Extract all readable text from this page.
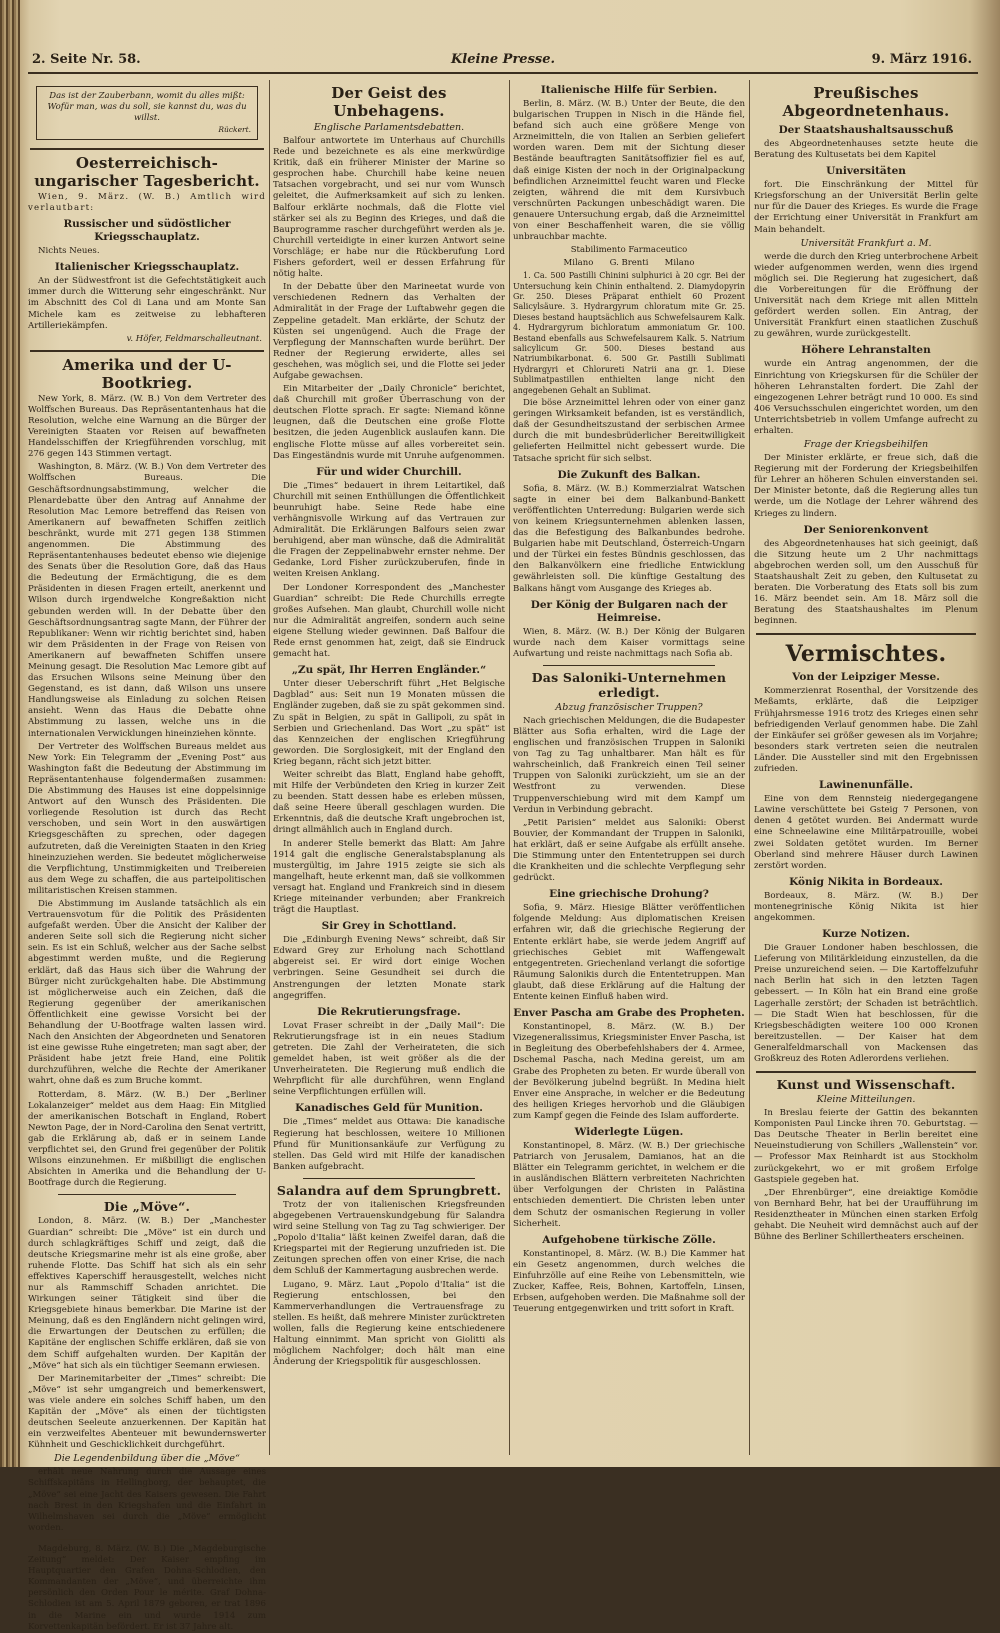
2. Seite Nr. 58.	Kleine Presse.	9. März 1916.
Das ist der Zauberbann, womit du alles mißt:
Wofür man, was du soll, sie kannst du, was du willst.
Rückert.
Oesterreichisch-ungarischer Tagesbericht.

Wien, 9. März. (W. B.) Amtlich wird verlautbart:

Russischer und südöstlicher Kriegsschauplatz.

Nichts Neues.

Italienischer Kriegsschauplatz.

An der Südwestfront ist die Gefechtstätigkeit auch immer durch die Witterung sehr eingeschränkt. Nur im Abschnitt des Col di Lana und am Monte San Michele kam es zeitweise zu lebhafteren Artilleriekämpfen.

v. Höfer, Feldmarschalleutnant.
Amerika und der U-Bootkrieg.

New York, 8. März. (W. B.) Von dem Vertreter des Wolffschen Bureaus. Das Repräsentantenhaus hat die Resolution, welche eine Warnung an die Bürger der Vereinigten Staaten vor Reisen auf bewaffneten Handelsschiffen der Kriegführenden vorschlug, mit 276 gegen 143 Stimmen vertagt.

Washington, 8. März. (W. B.) Von dem Vertreter des Wolffschen Bureaus. Die Geschäftsordnungsabstimmung, welcher die Plenardebatte über den Antrag auf Annahme der Resolution Mac Lemore betreffend das Reisen von Amerikanern auf bewaffneten Schiffen zeitlich beschränkt, wurde mit 271 gegen 138 Stimmen angenommen. Die Abstimmung des Repräsentantenhauses bedeutet ebenso wie diejenige des Senats über die Resolution Gore, daß das Haus die Bedeutung der Ermächtigung, die es dem Präsidenten in diesen Fragen erteilt, anerkennt und Wilson durch irgendwelche Kongreßaktion nicht gebunden werden will. In der Debatte über den Geschäftsordnungsantrag sagte Mann, der Führer der Republikaner: Wenn wir richtig berichtet sind, haben wir dem Präsidenten in der Frage von Reisen von Amerikanern auf bewaffneten Schiffen unsere Meinung gesagt. Die Resolution Mac Lemore gibt auf das Ersuchen Wilsons seine Meinung über den Gegenstand, es ist dann, daß Wilson uns unsere Handlungsweise als Einladung zu solchen Reisen ansieht. Wenn das Haus die Debatte ohne Abstimmung zu lassen, welche uns in die internationalen Verwicklungen hineinziehen könnte.

Der Vertreter des Wolffschen Bureaus meldet aus New York: Ein Telegramm der „Evening Post“ aus Washington faßt die Bedeutung der Abstimmung im Repräsentantenhause folgendermaßen zusammen: Die Abstimmung des Hauses ist eine doppelsinnige Antwort auf den Wunsch des Präsidenten. Die vorliegende Resolution ist durch das Recht verschoben, und sein Wort in den auswärtigen Kriegsgeschäften zu sprechen, oder dagegen aufzutreten, daß die Vereinigten Staaten in den Krieg hineinzuziehen werden. Sie bedeutet möglicherweise die Verpflichtung, Unstimmigkeiten und Treibereien aus dem Wege zu schaffen, die aus parteipolitischen militaristischen Kreisen stammen.

Die Abstimmung im Auslande tatsächlich als ein Vertrauensvotum für die Politik des Präsidenten aufgefaßt werden. Über die Ansicht der Kaliber der anderen Seite soll sich die Regierung nicht sicher sein. Es ist ein Schluß, welcher aus der Sache selbst abgestimmt werden mußte, und die Regierung erklärt, daß das Haus sich über die Wahrung der Bürger nicht zurückgehalten habe. Die Abstimmung ist möglicherweise auch ein Zeichen, daß die Regierung gegenüber der amerikanischen Öffentlichkeit eine gewisse Vorsicht bei der Behandlung der U-Bootfrage walten lassen wird. Nach den Ansichten der Abgeordneten und Senatoren ist eine gewisse Ruhe eingetreten; man sagt aber, der Präsident habe jetzt freie Hand, eine Politik durchzuführen, welche die Rechte der Amerikaner wahrt, ohne daß es zum Bruche kommt.

Rotterdam, 8. März. (W. B.) Der „Berliner Lokalanzeiger“ meldet aus dem Haag: Ein Mitglied der amerikanischen Botschaft in England, Robert Newton Page, der in Nord-Carolina den Senat vertritt, gab die Erklärung ab, daß er in seinem Lande verpflichtet sei, den Grund frei gegenüber der Politik Wilsons einzunehmen. Er mißbilligt die englischen Absichten in Amerika und die Behandlung der U-Bootfrage durch die Regierung.

Die „Möve“.

London, 8. März. (W. B.) Der „Manchester Guardian“ schreibt: Die „Möve“ ist ein durch und durch schlagkräftiges Schiff und zeigt, daß die deutsche Kriegsmarine mehr ist als eine große, aber ruhende Flotte. Das Schiff hat sich als ein sehr effektives Kaperschiff herausgestellt, welches nicht nur als Rammschiff Schaden anrichtet. Die Wirkungen seiner Tätigkeit sind über die Kriegsgebiete hinaus bemerkbar. Die Marine ist der Meinung, daß es den Engländern nicht gelingen wird, die Erwartungen der Deutschen zu erfüllen; die Kapitäne der englischen Schiffe erklären, daß sie von dem Schiff aufgehalten wurden. Der Kapitän der „Möve“ hat sich als ein tüchtiger Seemann erwiesen.

Der Marinemitarbeiter der „Times“ schreibt: Die „Möve“ ist sehr umgangreich und bemerkenswert, was viele andere ein solches Schiff haben, um den Kapitän der „Möve“ als einen der tüchtigsten deutschen Seeleute anzuerkennen. Der Kapitän hat ein verzweifeltes Abenteuer mit bewundernswerter Kühnheit und Geschicklichkeit durchgeführt.

Die Legendenbildung über die „Möve“

erhält neue Nahrung durch die Aussage eines Schiffskapitäns in Hellingborg, der behauptet, die „Möve“ sei eine Jacht des Kaisers gewesen. Die Fahrt nach Brest in den Kriegshafen und die Einfahrt in Wilhelmshaven sei durch die „Möve“ ermöglicht worden.

Magdeburg, 8. März. (W. B.) Die „Magdeburgische Zeitung“ meldet: Der Kaiser empfing im Hauptquartier den Grafen Dohna-Schlodien, den Kommandanten der „Möve“, und überreichte ihm persönlich den Orden Pour le mérite. Graf Dohna-Schlodien ist am 5. April 1879 geboren, er trat 1896 in die Marine ein und wurde 1914 zum Korvettenkapitän befördert. Er ist 37 Jahre alt.

Der Geist des Unbehagens.
Englische Parlamentsdebatten.

Balfour antwortete im Unterhaus auf Churchills Rede und bezeichnete es als eine merkwürdige Kritik, daß ein früherer Minister der Marine so gesprochen habe. Churchill habe keine neuen Tatsachen vorgebracht, und sei nur vom Wunsch geleitet, die Aufmerksamkeit auf sich zu lenken. Balfour erklärte nochmals, daß die Flotte viel stärker sei als zu Beginn des Krieges, und daß die Bauprogramme rascher durchgeführt werden als je. Churchill verteidigte in einer kurzen Antwort seine Vorschläge; er habe nur die Rückberufung Lord Fishers gefordert, weil er dessen Erfahrung für nötig halte.

In der Debatte über den Marineetat wurde von verschiedenen Rednern das Verhalten der Admiralität in der Frage der Luftabwehr gegen die Zeppeline getadelt. Man erklärte, der Schutz der Küsten sei ungenügend. Auch die Frage der Verpflegung der Mannschaften wurde berührt. Der Redner der Regierung erwiderte, alles sei geschehen, was möglich sei, und die Flotte sei jeder Aufgabe gewachsen.

Ein Mitarbeiter der „Daily Chronicle“ berichtet, daß Churchill mit großer Überraschung von der deutschen Flotte sprach. Er sagte: Niemand könne leugnen, daß die Deutschen eine große Flotte besitzen, die jeden Augenblick auslaufen kann. Die englische Flotte müsse auf alles vorbereitet sein. Das Eingeständnis wurde mit Unruhe aufgenommen.

Für und wider Churchill.

Die „Times“ bedauert in ihrem Leitartikel, daß Churchill mit seinen Enthüllungen die Öffentlichkeit beunruhigt habe. Seine Rede habe eine verhängnisvolle Wirkung auf das Vertrauen zur Admiralität. Die Erklärungen Balfours seien zwar beruhigend, aber man wünsche, daß die Admiralität die Fragen der Zeppelinabwehr ernster nehme. Der Gedanke, Lord Fisher zurückzuberufen, finde in weiten Kreisen Anklang.

Der Londoner Korrespondent des „Manchester Guardian“ schreibt: Die Rede Churchills erregte großes Aufsehen. Man glaubt, Churchill wolle nicht nur die Admiralität angreifen, sondern auch seine eigene Stellung wieder gewinnen. Daß Balfour die Rede ernst genommen hat, zeigt, daß sie Eindruck gemacht hat.

„Zu spät, Ihr Herren Engländer.“

Unter dieser Ueberschrift führt „Het Belgische Dagblad“ aus: Seit nun 19 Monaten müssen die Engländer zugeben, daß sie zu spät gekommen sind. Zu spät in Belgien, zu spät in Gallipoli, zu spät in Serbien und Griechenland. Das Wort „zu spät“ ist das Kennzeichen der englischen Kriegführung geworden. Die Sorglosigkeit, mit der England den Krieg begann, rächt sich jetzt bitter.

Weiter schreibt das Blatt, England habe gehofft, mit Hilfe der Verbündeten den Krieg in kurzer Zeit zu beenden. Statt dessen habe es erleben müssen, daß seine Heere überall geschlagen wurden. Die Erkenntnis, daß die deutsche Kraft ungebrochen ist, dringt allmählich auch in England durch.

In anderer Stelle bemerkt das Blatt: Am Jahre 1914 galt die englische Generalstabsplanung als mustergültig, im Jahre 1915 zeigte sie sich als mangelhaft, heute erkennt man, daß sie vollkommen versagt hat. England und Frankreich sind in diesem Kriege miteinander verbunden; aber Frankreich trägt die Hauptlast.

Sir Grey in Schottland.

Die „Edinburgh Evening News“ schreibt, daß Sir Edward Grey zur Erholung nach Schottland abgereist sei. Er wird dort einige Wochen verbringen. Seine Gesundheit sei durch die Anstrengungen der letzten Monate stark angegriffen.

Die Rekrutierungsfrage.

Lovat Fraser schreibt in der „Daily Mail“: Die Rekrutierungsfrage ist in ein neues Stadium getreten. Die Zahl der Verheirateten, die sich gemeldet haben, ist weit größer als die der Unverheirateten. Die Regierung muß endlich die Wehrpflicht für alle durchführen, wenn England seine Verpflichtungen erfüllen will.

Kanadisches Geld für Munition.

Die „Times“ meldet aus Ottawa: Die kanadische Regierung hat beschlossen, weitere 10 Millionen Pfund für Munitionsankäufe zur Verfügung zu stellen. Das Geld wird mit Hilfe der kanadischen Banken aufgebracht.

Salandra auf dem Sprungbrett.

Trotz der von italienischen Kriegsfreunden abgegebenen Vertrauenskundgebung für Salandra wird seine Stellung von Tag zu Tag schwieriger. Der „Popolo d'Italia“ läßt keinen Zweifel daran, daß die Kriegspartei mit der Regierung unzufrieden ist. Die Zeitungen sprechen offen von einer Krise, die nach dem Schluß der Kammertagung ausbrechen werde.

Lugano, 9. März. Laut „Popolo d'Italia“ ist die Regierung entschlossen, bei den Kammerverhandlungen die Vertrauensfrage zu stellen. Es heißt, daß mehrere Minister zurücktreten wollen, falls die Regierung keine entschiedenere Haltung einnimmt. Man spricht von Giolitti als möglichem Nachfolger; doch hält man eine Änderung der Kriegspolitik für ausgeschlossen.

Italienische Hilfe für Serbien.

Berlin, 8. März. (W. B.) Unter der Beute, die den bulgarischen Truppen in Nisch in die Hände fiel, befand sich auch eine größere Menge von Arzneimitteln, die von Italien an Serbien geliefert worden waren. Dem mit der Sichtung dieser Bestände beauftragten Sanitätsoffizier fiel es auf, daß einige Kisten der noch in der Originalpackung befindlichen Arzneimittel feucht waren und Flecke zeigten, während die mit dem Kursivbuch verschnürten Packungen unbeschädigt waren. Die genauere Untersuchung ergab, daß die Arzneimittel von einer Beschaffenheit waren, die sie völlig unbrauchbar machte.

Stabilimento Farmaceutico
Milano G. Brenti Milano

1. Ca. 500 Pastilli Chinini sulphurici à 20 cgr. Bei der Untersuchung kein Chinin enthaltend. 2. Diamydopyrin Gr. 250. Dieses Präparat enthielt 60 Prozent Salicylsäure. 3. Hydrargyrum chloratum mite Gr. 25. Dieses bestand hauptsächlich aus Schwefelsaurem Kalk. 4. Hydrargyrum bichloratum ammoniatum Gr. 100. Bestand ebenfalls aus Schwefelsaurem Kalk. 5. Natrium salicylicum Gr. 500. Dieses bestand aus Natriumbikarbonat. 6. 500 Gr. Pastilli Sublimati Hydrargyri et Chlorureti Natrii ana gr. 1. Diese Sublimatpastillen enthielten lange nicht den angegebenen Gehalt an Sublimat.

Die böse Arzneimittel lehren oder von einer ganz geringen Wirksamkeit befanden, ist es verständlich, daß der Gesundheitszustand der serbischen Armee durch die mit bundesbrüderlicher Bereitwilligkeit gelieferten Heilmittel nicht gebessert wurde. Die Tatsache spricht für sich selbst.

Die Zukunft des Balkan.

Sofia, 8. März. (W. B.) Kommerzialrat Watschen sagte in einer bei dem Balkanbund-Bankett veröffentlichten Unterredung: Bulgarien werde sich von keinem Kriegsunternehmen ablenken lassen, das die Befestigung des Balkanbundes bedrohe. Bulgarien habe mit Deutschland, Österreich-Ungarn und der Türkei ein festes Bündnis geschlossen, das den Balkanvölkern eine friedliche Entwicklung gewährleisten soll. Die künftige Gestaltung des Balkans hängt vom Ausgange des Krieges ab.

Der König der Bulgaren nach der Heimreise.

Wien, 8. März. (W. B.) Der König der Bulgaren wurde nach dem Kaiser vormittags seine Aufwartung und reiste nachmittags nach Sofia ab.

Das Saloniki-Unternehmen erledigt.
Abzug französischer Truppen?

Nach griechischen Meldungen, die die Budapester Blätter aus Sofia erhalten, wird die Lage der englischen und französischen Truppen in Saloniki von Tag zu Tag unhaltbarer. Man hält es für wahrscheinlich, daß Frankreich einen Teil seiner Truppen von Saloniki zurückzieht, um sie an der Westfront zu verwenden. Diese Truppenverschiebung wird mit dem Kampf um Verdun in Verbindung gebracht.

„Petit Parisien“ meldet aus Saloniki: Oberst Bouvier, der Kommandant der Truppen in Saloniki, hat erklärt, daß er seine Aufgabe als erfüllt ansehe. Die Stimmung unter den Ententetruppen sei durch die Krankheiten und die schlechte Verpflegung sehr gedrückt.

Eine griechische Drohung?

Sofia, 9. März. Hiesige Blätter veröffentlichen folgende Meldung: Aus diplomatischen Kreisen erfahren wir, daß die griechische Regierung der Entente erklärt habe, sie werde jedem Angriff auf griechisches Gebiet mit Waffengewalt entgegentreten. Griechenland verlangt die sofortige Räumung Salonikis durch die Ententetruppen. Man glaubt, daß diese Erklärung auf die Haltung der Entente keinen Einfluß haben wird.

Enver Pascha am Grabe des Propheten.

Konstantinopel, 8. März. (W. B.) Der Vizegeneralissimus, Kriegsminister Enver Pascha, ist in Begleitung des Oberbefehlshabers der 4. Armee, Dschemal Pascha, nach Medina gereist, um am Grabe des Propheten zu beten. Er wurde überall von der Bevölkerung jubelnd begrüßt. In Medina hielt Enver eine Ansprache, in welcher er die Bedeutung des heiligen Krieges hervorhob und die Gläubigen zum Kampf gegen die Feinde des Islam aufforderte.

Widerlegte Lügen.

Konstantinopel, 8. März. (W. B.) Der griechische Patriarch von Jerusalem, Damianos, hat an die Blätter ein Telegramm gerichtet, in welchem er die in ausländischen Blättern verbreiteten Nachrichten über Verfolgungen der Christen in Palästina entschieden dementiert. Die Christen leben unter dem Schutz der osmanischen Regierung in voller Sicherheit.

Aufgehobene türkische Zölle.

Konstantinopel, 8. März. (W. B.) Die Kammer hat ein Gesetz angenommen, durch welches die Einfuhrzölle auf eine Reihe von Lebensmitteln, wie Zucker, Kaffee, Reis, Bohnen, Kartoffeln, Linsen, Erbsen, aufgehoben werden. Die Maßnahme soll der Teuerung entgegenwirken und tritt sofort in Kraft.

Preußisches Abgeordnetenhaus.
Der Staatshaushaltsausschuß

des Abgeordnetenhauses setzte heute die Beratung des Kultusetats bei dem Kapitel

Universitäten

fort. Die Einschränkung der Mittel für Kriegsforschung an der Universität Berlin gelte nur für die Dauer des Krieges. Es wurde die Frage der Errichtung einer Universität in Frankfurt am Main behandelt.

Universität Frankfurt a. M.

werde die durch den Krieg unterbrochene Arbeit wieder aufgenommen werden, wenn dies irgend möglich sei. Die Regierung hat zugesichert, daß die Vorbereitungen für die Eröffnung der Universität nach dem Kriege mit allen Mitteln gefördert werden sollen. Ein Antrag, der Universität Frankfurt einen staatlichen Zuschuß zu gewähren, wurde zurückgestellt.

Höhere Lehranstalten

wurde ein Antrag angenommen, der die Einrichtung von Kriegskursen für die Schüler der höheren Lehranstalten fordert. Die Zahl der eingezogenen Lehrer beträgt rund 10 000. Es sind 406 Versuchsschulen eingerichtet worden, um den Unterrichtsbetrieb in vollem Umfange aufrecht zu erhalten.

Frage der Kriegsbeihilfen

Der Minister erklärte, er freue sich, daß die Regierung mit der Forderung der Kriegsbeihilfen für Lehrer an höheren Schulen einverstanden sei. Der Minister betonte, daß die Regierung alles tun werde, um die Notlage der Lehrer während des Krieges zu lindern.

Der Seniorenkonvent

des Abgeordnetenhauses hat sich geeinigt, daß die Sitzung heute um 2 Uhr nachmittags abgebrochen werden soll, um den Ausschuß für Staatshaushalt Zeit zu geben, den Kultusetat zu beraten. Die Vorberatung des Etats soll bis zum 16. März beendet sein. Am 18. März soll die Beratung des Staatshaushaltes im Plenum beginnen.

Vermischtes.
Von der Leipziger Messe.

Kommerzienrat Rosenthal, der Vorsitzende des Meßamts, erklärte, daß die Leipziger Frühjahrsmesse 1916 trotz des Krieges einen sehr befriedigenden Verlauf genommen habe. Die Zahl der Einkäufer sei größer gewesen als im Vorjahre; besonders stark vertreten seien die neutralen Länder. Die Aussteller sind mit den Ergebnissen zufrieden.

Lawinenunfälle.

Eine von dem Rennsteig niedergegangene Lawine verschüttete bei Gsteig 7 Personen, von denen 4 getötet wurden. Bei Andermatt wurde eine Schneelawine eine Militärpatrouille, wobei zwei Soldaten getötet wurden. Im Berner Oberland sind mehrere Häuser durch Lawinen zerstört worden.

König Nikita in Bordeaux.

Bordeaux, 8. März. (W. B.) Der montenegrinische König Nikita ist hier angekommen.

Kurze Notizen.

Die Grauer Londoner haben beschlossen, die Lieferung von Militärkleidung einzustellen, da die Preise unzureichend seien. — Die Kartoffelzufuhr nach Berlin hat sich in den letzten Tagen gebessert. — In Köln hat ein Brand eine große Lagerhalle zerstört; der Schaden ist beträchtlich. — Die Stadt Wien hat beschlossen, für die Kriegsbeschädigten weitere 100 000 Kronen bereitzustellen. — Der Kaiser hat dem Generalfeldmarschall von Mackensen das Großkreuz des Roten Adlerordens verliehen.

Kunst und Wissenschaft.
Kleine Mitteilungen.

In Breslau feierte der Gattin des bekannten Komponisten Paul Lincke ihren 70. Geburtstag. — Das Deutsche Theater in Berlin bereitet eine Neueinstudierung von Schillers „Wallenstein“ vor. — Professor Max Reinhardt ist aus Stockholm zurückgekehrt, wo er mit großem Erfolge Gastspiele gegeben hat.

„Der Ehrenbürger“, eine dreiaktige Komödie von Bernhard Behr, hat bei der Uraufführung im Residenztheater in München einen starken Erfolg gehabt. Die Neuheit wird demnächst auch auf der Bühne des Berliner Schillertheaters erscheinen.
